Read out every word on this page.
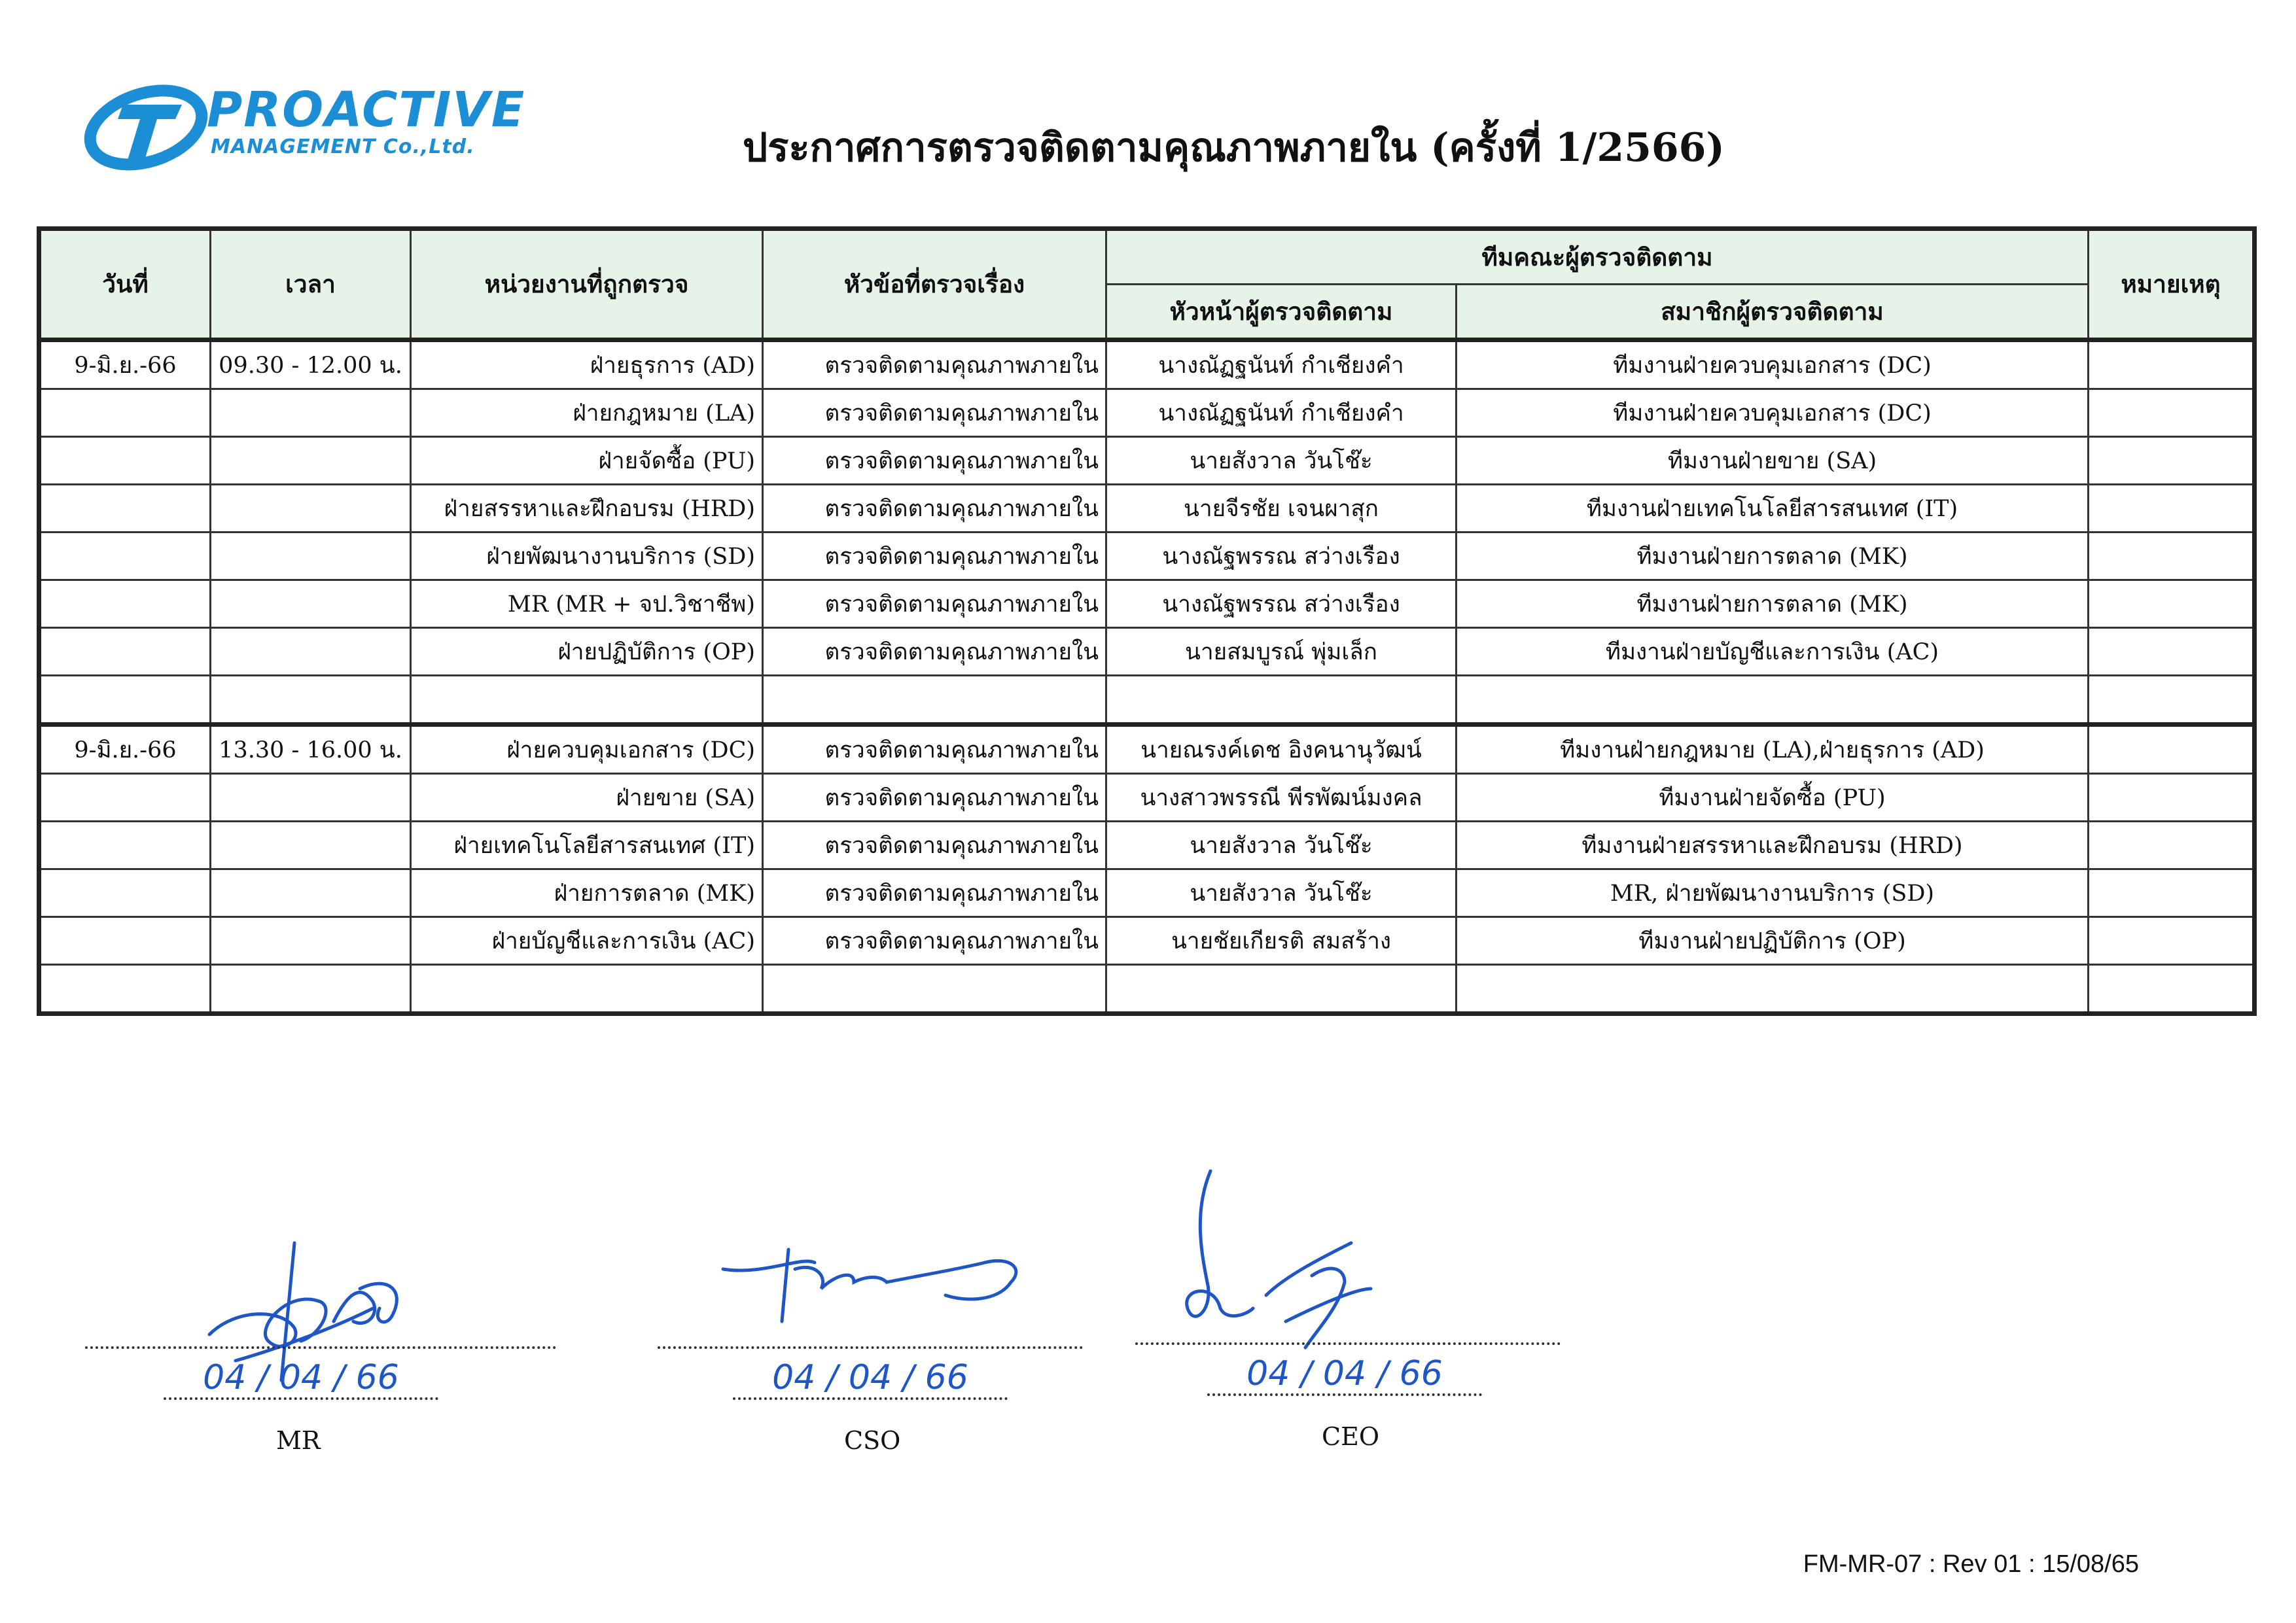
PROACTIVE
MANAGEMENT Co.,Ltd.	ประกาศการตรวจติดตามคุณภาพภายใน (ครั้งที่ 1/2566)
วันที่	เวลา	หน่วยงานที่ถูกตรวจ	หัวข้อที่ตรวจเรื่อง	ทีมคณะผู้ตรวจติดตาม		หมายเหตุ
				หัวหน้าผู้ตรวจติดตาม	สมาชิกผู้ตรวจติดตาม	
9-มิ.ย.-66	09.30 - 12.00 น.	ฝ่ายธุรการ (AD)	ตรวจติดตามคุณภาพภายใน	นางณัฏฐนันท์ กำเชียงคำ	ทีมงานฝ่ายควบคุมเอกสาร (DC)	
		ฝ่ายกฎหมาย (LA)	ตรวจติดตามคุณภาพภายใน	นางณัฏฐนันท์ กำเชียงคำ	ทีมงานฝ่ายควบคุมเอกสาร (DC)	
		ฝ่ายจัดซื้อ (PU)	ตรวจติดตามคุณภาพภายใน	นายสังวาล วันโช๊ะ	ทีมงานฝ่ายขาย (SA)	
		ฝ่ายสรรหาและฝึกอบรม (HRD)	ตรวจติดตามคุณภาพภายใน	นายจีรชัย เจนผาสุก	ทีมงานฝ่ายเทคโนโลยีสารสนเทศ (IT)	
		ฝ่ายพัฒนางานบริการ (SD)	ตรวจติดตามคุณภาพภายใน	นางณัฐพรรณ สว่างเรือง	ทีมงานฝ่ายการตลาด (MK)	
		MR (MR + จป.วิชาชีพ)	ตรวจติดตามคุณภาพภายใน	นางณัฐพรรณ สว่างเรือง	ทีมงานฝ่ายการตลาด (MK)	
		ฝ่ายปฏิบัติการ (OP)	ตรวจติดตามคุณภาพภายใน	นายสมบูรณ์ พุ่มเล็ก	ทีมงานฝ่ายบัญชีและการเงิน (AC)	

9-มิ.ย.-66	13.30 - 16.00 น.	ฝ่ายควบคุมเอกสาร (DC)	ตรวจติดตามคุณภาพภายใน	นายณรงค์เดช อิงคนานุวัฒน์	ทีมงานฝ่ายกฎหมาย (LA),ฝ่ายธุรการ (AD)	
		ฝ่ายขาย (SA)	ตรวจติดตามคุณภาพภายใน	นางสาวพรรณี พีรพัฒน์มงคล	ทีมงานฝ่ายจัดซื้อ (PU)	
		ฝ่ายเทคโนโลยีสารสนเทศ (IT)	ตรวจติดตามคุณภาพภายใน	นายสังวาล วันโช๊ะ	ทีมงานฝ่ายสรรหาและฝึกอบรม (HRD)	
		ฝ่ายการตลาด (MK)	ตรวจติดตามคุณภาพภายใน	นายสังวาล วันโช๊ะ	MR, ฝ่ายพัฒนางานบริการ (SD)	
		ฝ่ายบัญชีและการเงิน (AC)	ตรวจติดตามคุณภาพภายใน	นายชัยเกียรติ สมสร้าง	ทีมงานฝ่ายปฏิบัติการ (OP)	

04 / 04 / 66
MR
04 / 04 / 66
CSO
04 / 04 / 66
CEO
FM-MR-07 : Rev 01 : 15/08/65
